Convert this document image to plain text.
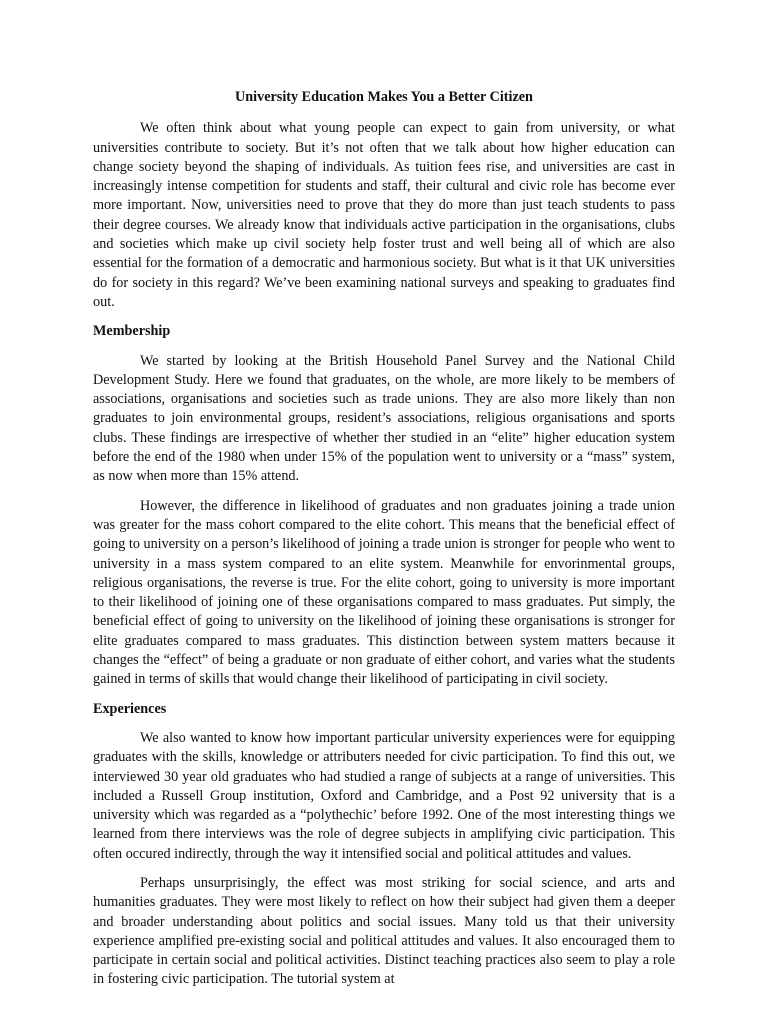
University Education Makes You a Better Citizen

We often think about what young people can expect to gain from university, or what universities contribute to society. But it’s not often that we talk about how higher education can change society beyond the shaping of individuals. As tuition fees rise, and universities are cast in increasingly intense competition for students and staff, their cultural and civic role has become ever more important. Now, universities need to prove that they do more than just teach students to pass their degree courses. We already know that individuals active participation in the organisations, clubs and societies which make up civil society help foster trust and well being all of which are also essential for the formation of a democratic and harmonious society. But what is it that UK universities do for society in this regard? We’ve been examining national surveys and speaking to graduates find out.

Membership

We started by looking at the British Household Panel Survey and the National Child Development Study. Here we found that graduates, on the whole, are more likely to be members of associations, organisations and societies such as trade unions. They are also more likely than non graduates to join environmental groups, resident’s associations, religious organisations and sports clubs. These findings are irrespective of whether ther studied in an “elite” higher education system before the end of the 1980 when under 15% of the population went to university or a “mass” system, as now when more than 15% attend.

However, the difference in likelihood of graduates and non graduates joining a trade union was greater for the mass cohort compared to the elite cohort. This means that the beneficial effect of going to university on a person’s likelihood of joining a trade union is stronger for people who went to university in a mass system compared to an elite system. Meanwhile for envorinmental groups, religious organisations, the reverse is true. For the elite cohort, going to university is more important to their likelihood of joining one of these organisations compared to mass graduates. Put simply, the beneficial effect of going to university on the likelihood of joining these organisations is stronger for elite graduates compared to mass graduates. This distinction between system matters because it changes the “effect” of being a graduate or non graduate of either cohort, and varies what the students gained in terms of skills that would change their likelihood of participating in civil society.

Experiences

We also wanted to know how important particular university experiences were for equipping graduates with the skills, knowledge or attributers needed for civic participation. To find this out, we interviewed 30 year old graduates who had studied a range of subjects at a range of universities. This included a Russell Group institution, Oxford and Cambridge, and a Post 92 university that is a university which was regarded as a “polythechic’ before 1992. One of the most interesting things we learned from there interviews was the role of degree subjects in amplifying civic participation. This often occured indirectly, through the way it intensified social and political attitudes and values.

Perhaps unsurprisingly, the effect was most striking for social science, and arts and humanities graduates. They were most likely to reflect on how their subject had given them a deeper and broader understanding about politics and social issues. Many told us that their university experience amplified pre-existing social and political attitudes and values. It also encouraged them to participate in certain social and political activities. Distinct teaching practices also seem to play a role in fostering civic participation. The tutorial system at
